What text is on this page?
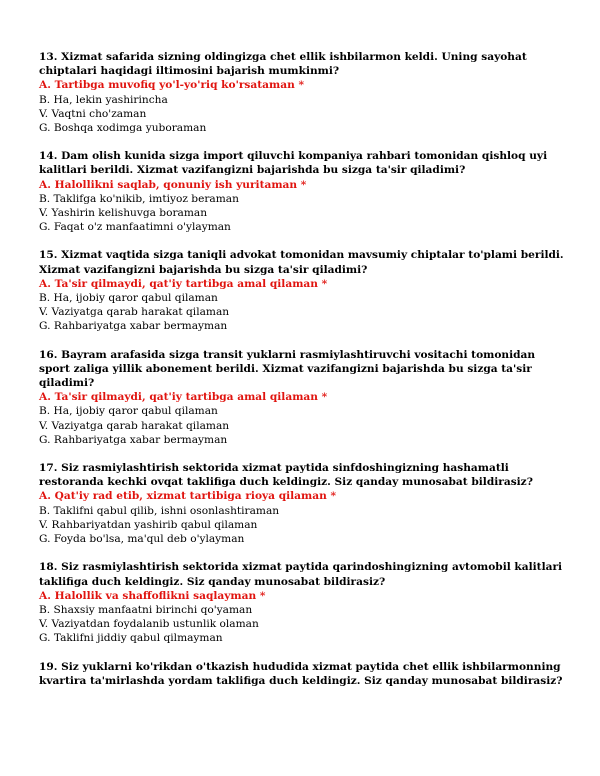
13. Xizmat safarida sizning oldingizga chet ellik ishbilarmon keldi. Uning sayohat chiptalari haqidagi iltimosini bajarish mumkinmi?
A. Tartibga muvofiq yo'l-yo'riq ko'rsataman *
B. Ha, lekin yashirincha
V. Vaqtni cho'zaman
G. Boshqa xodimga yuboraman
14. Dam olish kunida sizga import qiluvchi kompaniya rahbari tomonidan qishloq uyi kalitlari berildi. Xizmat vazifangizni bajarishda bu sizga ta'sir qiladimi?
A. Halollikni saqlab, qonuniy ish yuritaman *
B. Taklifga ko'nikib, imtiyoz beraman
V. Yashirin kelishuvga boraman
G. Faqat o'z manfaatimni o'ylayman
15. Xizmat vaqtida sizga taniqli advokat tomonidan mavsumiy chiptalar to'plami berildi. Xizmat vazifangizni bajarishda bu sizga ta'sir qiladimi?
A. Ta'sir qilmaydi, qat'iy tartibga amal qilaman *
B. Ha, ijobiy qaror qabul qilaman
V. Vaziyatga qarab harakat qilaman
G. Rahbariyatga xabar bermayman
16. Bayram arafasida sizga transit yuklarni rasmiylashtiruvchi vositachi tomonidan sport zaliga yillik abonement berildi. Xizmat vazifangizni bajarishda bu sizga ta'sir qiladimi?
A. Ta'sir qilmaydi, qat'iy tartibga amal qilaman *
B. Ha, ijobiy qaror qabul qilaman
V. Vaziyatga qarab harakat qilaman
G. Rahbariyatga xabar bermayman
17. Siz rasmiylashtirish sektorida xizmat paytida sinfdoshingizning hashamatli restoranda kechki ovqat taklifiga duch keldingiz. Siz qanday munosabat bildirasiz?
A. Qat'iy rad etib, xizmat tartibiga rioya qilaman *
B. Taklifni qabul qilib, ishni osonlashtiraman
V. Rahbariyatdan yashirib qabul qilaman
G. Foyda bo'lsa, ma'qul deb o'ylayman
18. Siz rasmiylashtirish sektorida xizmat paytida qarindoshingizning avtomobil kalitlari taklifiga duch keldingiz. Siz qanday munosabat bildirasiz?
A. Halollik va shaffoflikni saqlayman *
B. Shaxsiy manfaatni birinchi qo'yaman
V. Vaziyatdan foydalanib ustunlik olaman
G. Taklifni jiddiy qabul qilmayman
19. Siz yuklarni ko'rikdan o'tkazish hududida xizmat paytida chet ellik ishbilarmonning kvartira ta'mirlashda yordam taklifiga duch keldingiz. Siz qanday munosabat bildirasiz?
